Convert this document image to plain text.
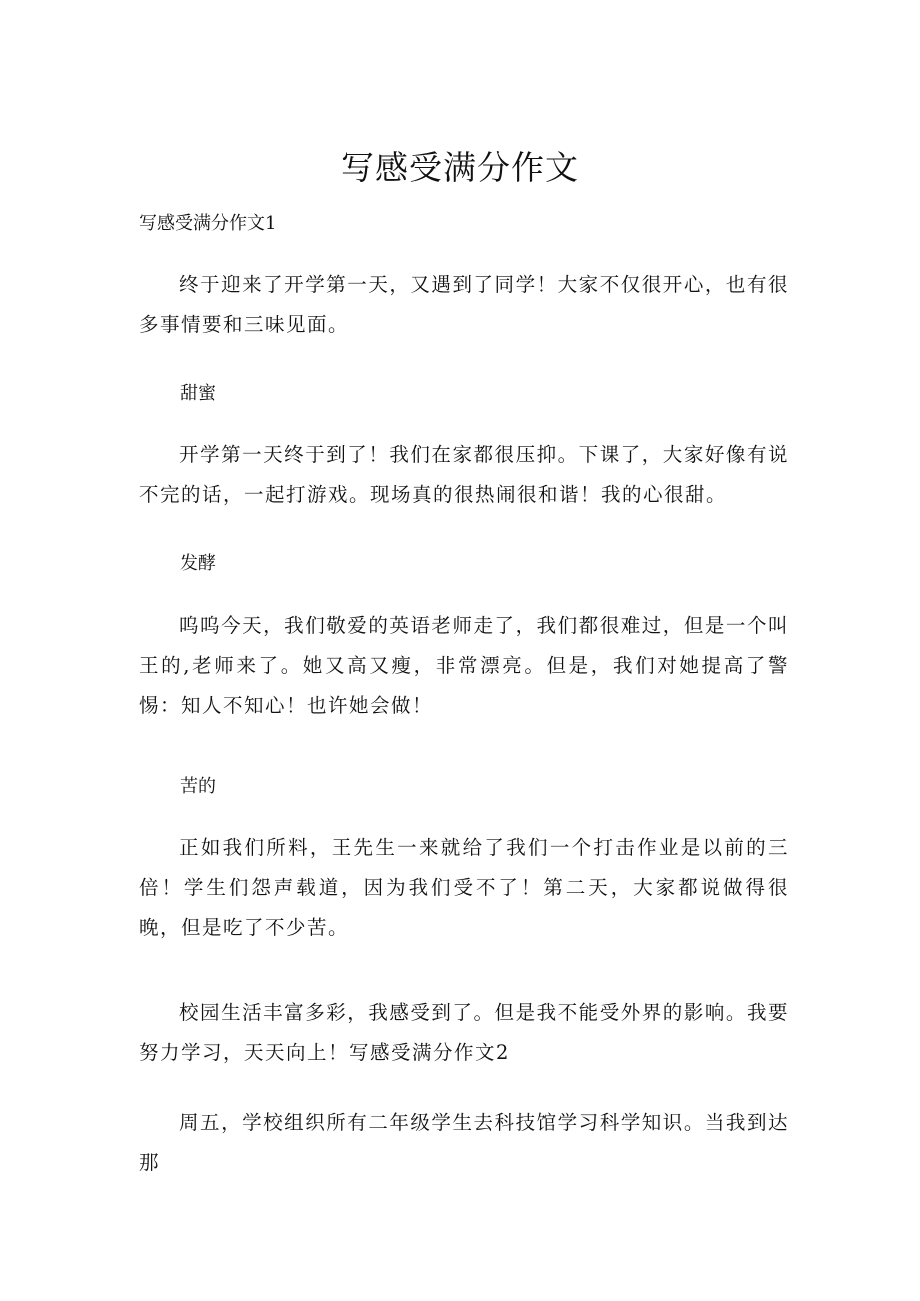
写感受满分作文

写感受满分作文1

终于迎来了开学第一天，又遇到了同学！大家不仅很开心，也有很多事情要和三味见面。

甜蜜

开学第一天终于到了！我们在家都很压抑。下课了，大家好像有说不完的话，一起打游戏。现场真的很热闹很和谐！我的心很甜。

发酵

呜呜今天，我们敬爱的英语老师走了，我们都很难过，但是一个叫王的,老师来了。她又高又瘦，非常漂亮。但是，我们对她提高了警惕：知人不知心！也许她会做！

苦的

正如我们所料，王先生一来就给了我们一个打击作业是以前的三倍！学生们怨声载道，因为我们受不了！第二天，大家都说做得很晚，但是吃了不少苦。

校园生活丰富多彩，我感受到了。但是我不能受外界的影响。我要努力学习，天天向上！写感受满分作文2

周五，学校组织所有二年级学生去科技馆学习科学知识。当我到达那
